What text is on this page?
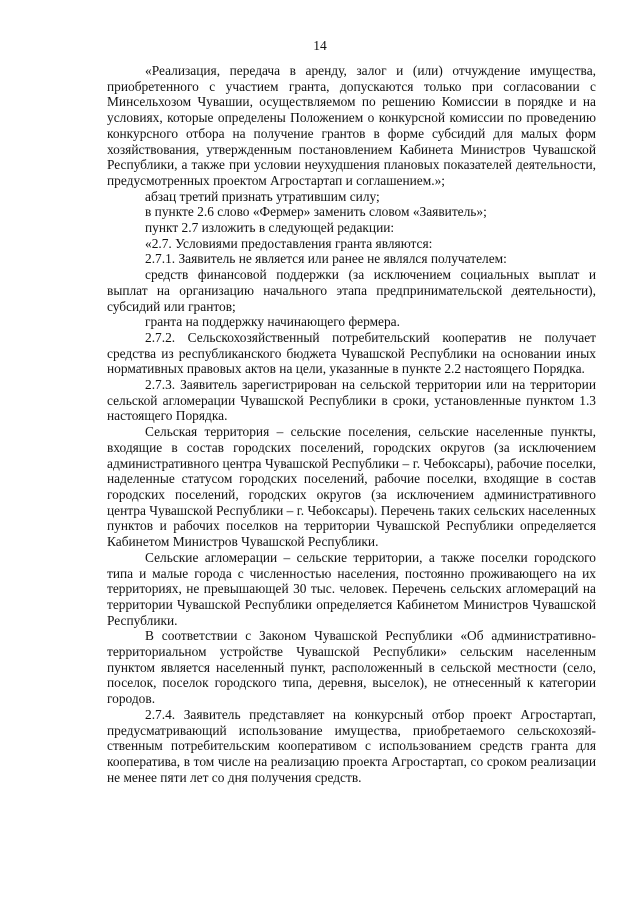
14

«Реализация, передача в аренду, залог и (или) отчуждение имущества, приобретенного с участием гранта, допускаются только при согласовании с Минсельхозом Чувашии, осуществляемом по решению Комиссии в порядке и на условиях, которые определены Положением о конкурсной комиссии по проведению конкурсного отбора на получение грантов в форме субсидий для малых форм хозяйствования, утвержденным постановлением Кабинета Министров Чувашской Республики, а также при условии неухудшения плановых показателей деятельности, предусмотренных проектом Агростартап и соглашением.»;

абзац третий признать утратившим силу;

в пункте 2.6 слово «Фермер» заменить словом «Заявитель»;

пункт 2.7 изложить в следующей редакции:

«2.7. Условиями предоставления гранта являются:

2.7.1. Заявитель не является или ранее не являлся получателем:

средств финансовой поддержки (за исключением социальных выплат и выплат на организацию начального этапа предпринимательской деятельности), субсидий или грантов;

гранта на поддержку начинающего фермера.

2.7.2. Сельскохозяйственный потребительский кооператив не получает средства из республиканского бюджета Чувашской Республики на основании иных нормативных правовых актов на цели, указанные в пункте 2.2 настоящего Порядка.

2.7.3. Заявитель зарегистрирован на сельской территории или на территории сельской агломерации Чувашской Республики в сроки, установленные пунктом 1.3 настоящего Порядка.

Сельская территория – сельские поселения, сельские населенные пункты, входящие в состав городских поселений, городских округов (за исключением административного центра Чувашской Республики – г. Чебоксары), рабочие поселки, наделенные статусом городских поселений, рабочие поселки, входящие в состав городских поселений, городских округов (за исключением административного центра Чувашской Республики – г. Чебоксары). Перечень таких сельских населенных пунктов и рабочих поселков на территории Чувашской Республики определяется Кабинетом Министров Чувашской Республики.

Сельские агломерации – сельские территории, а также поселки городского типа и малые города с численностью населения, постоянно проживающего на их территориях, не превышающей 30 тыс. человек. Перечень сельских агломераций на территории Чувашской Республики определяется Кабинетом Министров Чувашской Республики.

В соответствии с Законом Чувашской Республики «Об административно-территориальном устройстве Чувашской Республики» сельским населенным пунктом является населенный пункт, расположенный в сельской местности (село, поселок, поселок городского типа, деревня, выселок), не отнесенный к категории городов.

2.7.4. Заявитель представляет на конкурсный отбор проект Агростартап, предусматривающий использование имущества, приобретаемого сельскохозяйственным потребительским кооперативом с использованием средств гранта для кооператива, в том числе на реализацию проекта Агростартап, со сроком реализации не менее пяти лет со дня получения средств.
